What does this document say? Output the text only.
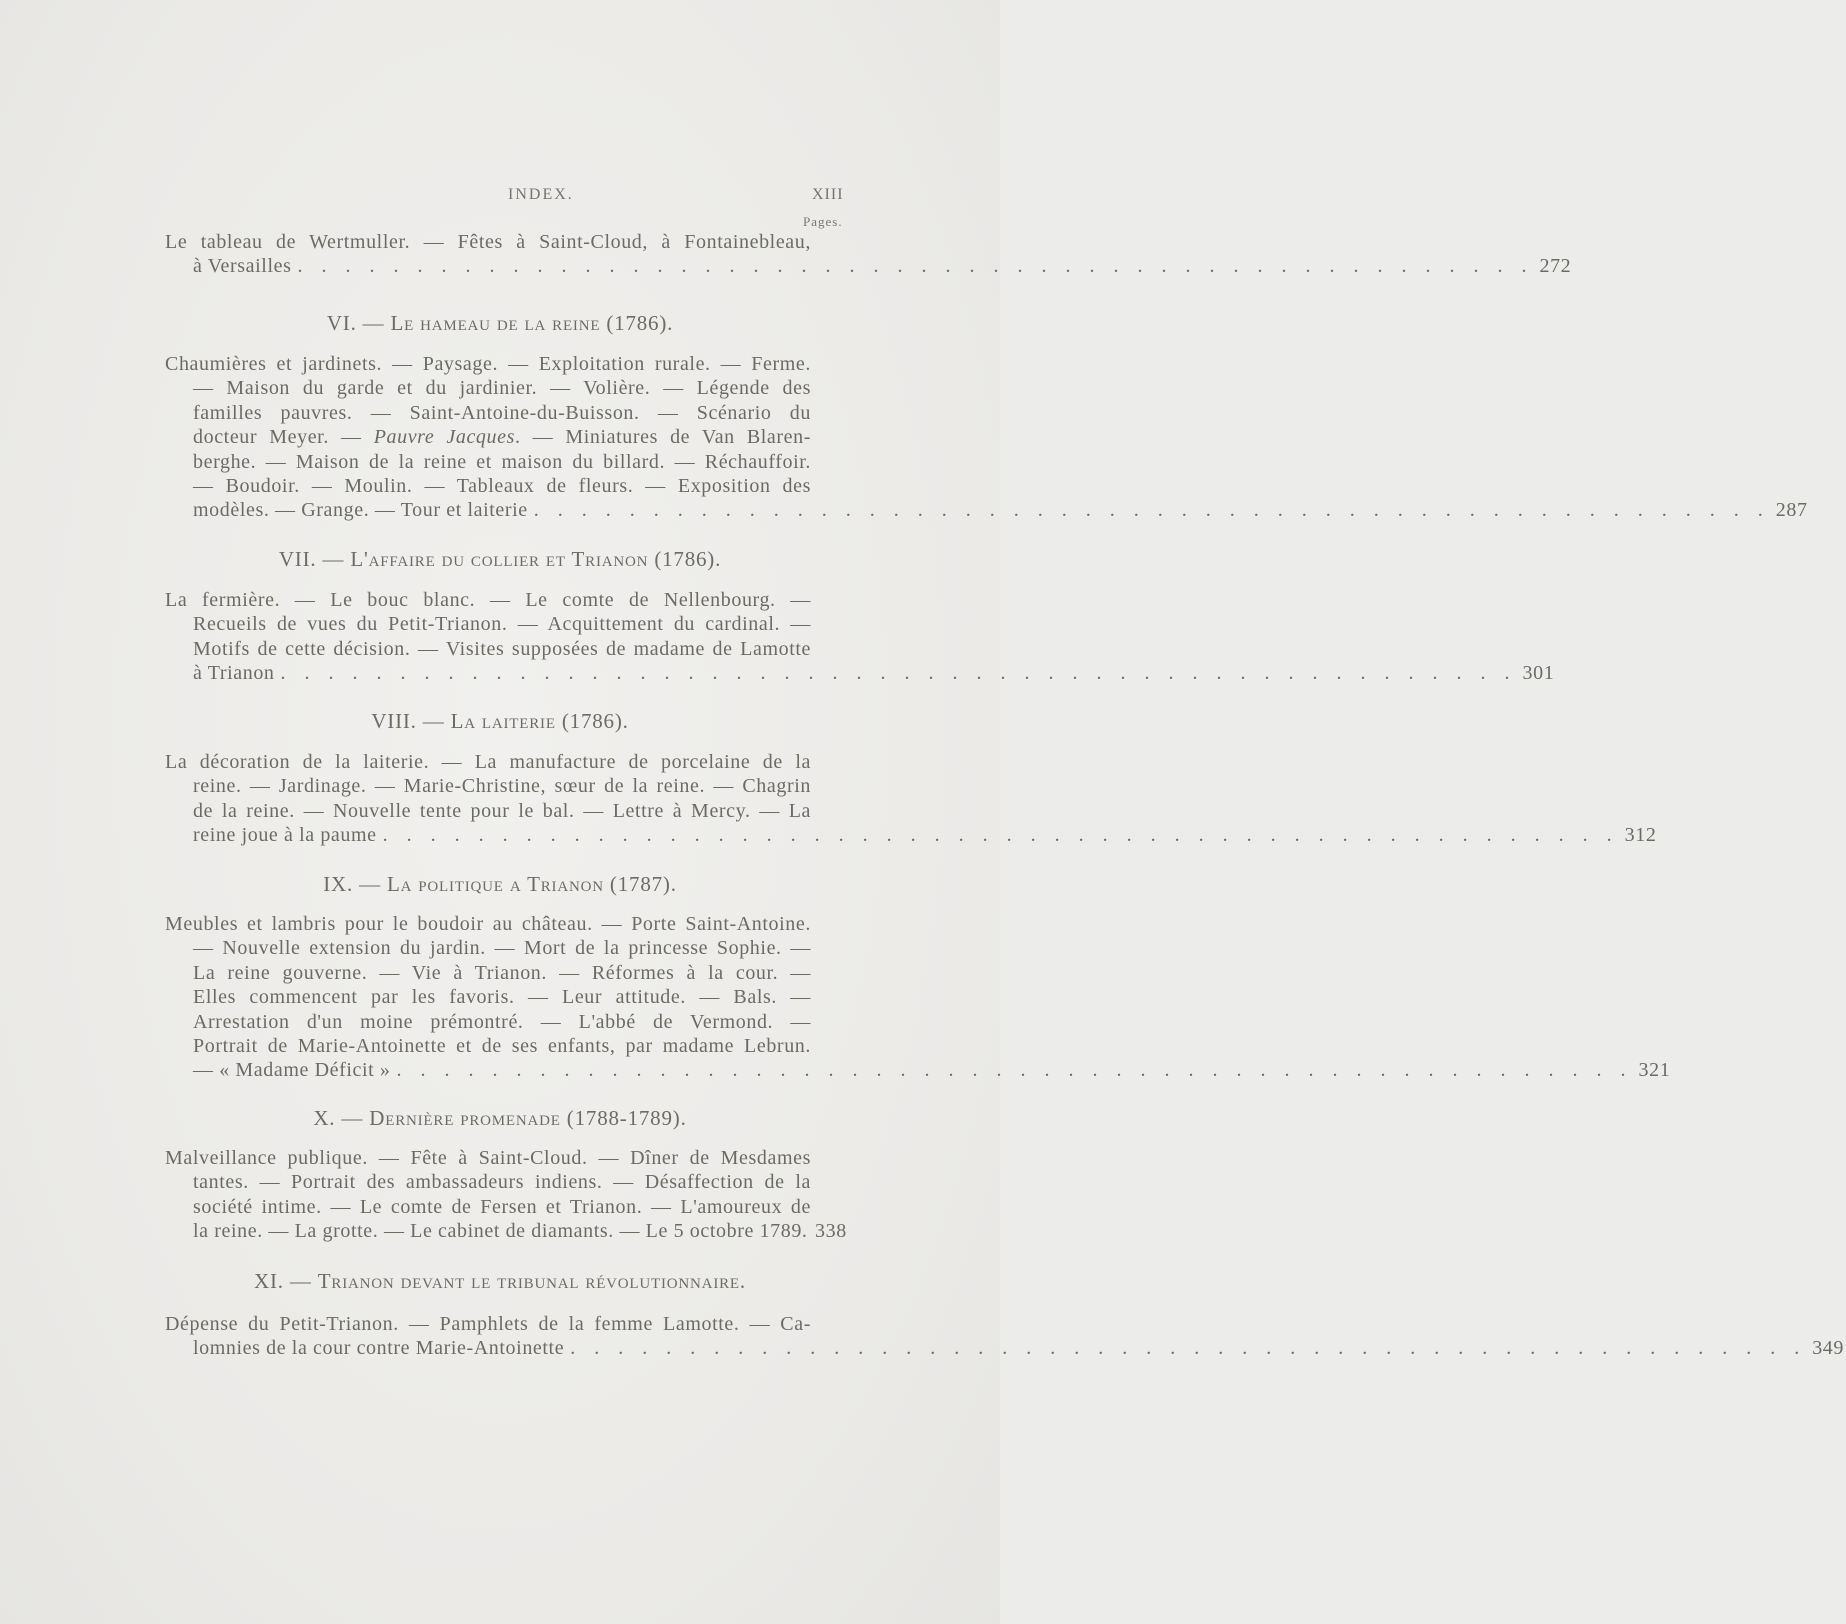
INDEX.	XIII
Pages.
Le tableau de Wertmuller. — Fêtes à Saint-Cloud, à Fontainebleau,
à Versailles . . . . . . . . . . . . . . . . . . . . . . . . . . . . . . . . . . . . . . . . . . . . . . . . . . . . 272
VI. — Le hameau de la reine (1786).
Chaumières et jardinets. — Paysage. — Exploitation rurale. — Ferme.
— Maison du garde et du jardinier. — Volière. — Légende des
familles pauvres. — Saint-Antoine-du-Buisson. — Scénario du
docteur Meyer. — Pauvre Jacques. — Miniatures de Van Blaren-
berghe. — Maison de la reine et maison du billard. — Réchauffoir.
— Boudoir. — Moulin. — Tableaux de fleurs. — Exposition des
modèles. — Grange. — Tour et laiterie . . . . . . . . . . . . . . . . . . . . . . . . . . . . . . . . . . . . . . . . . . . . . . . . . . . . 287
VII. — L'affaire du collier et Trianon (1786).
La fermière. — Le bouc blanc. — Le comte de Nellenbourg. —
Recueils de vues du Petit-Trianon. — Acquittement du cardinal. —
Motifs de cette décision. — Visites supposées de madame de Lamotte
à Trianon . . . . . . . . . . . . . . . . . . . . . . . . . . . . . . . . . . . . . . . . . . . . . . . . . . . . 301
VIII. — La laiterie (1786).
La décoration de la laiterie. — La manufacture de porcelaine de la
reine. — Jardinage. — Marie-Christine, sœur de la reine. — Chagrin
de la reine. — Nouvelle tente pour le bal. — Lettre à Mercy. — La
reine joue à la paume . . . . . . . . . . . . . . . . . . . . . . . . . . . . . . . . . . . . . . . . . . . . . . . . . . . . 312
IX. — La politique a Trianon (1787).
Meubles et lambris pour le boudoir au château. — Porte Saint-Antoine.
— Nouvelle extension du jardin. — Mort de la princesse Sophie. —
La reine gouverne. — Vie à Trianon. — Réformes à la cour. —
Elles commencent par les favoris. — Leur attitude. — Bals. —
Arrestation d'un moine prémontré. — L'abbé de Vermond. —
Portrait de Marie-Antoinette et de ses enfants, par madame Lebrun.
— « Madame Déficit » . . . . . . . . . . . . . . . . . . . . . . . . . . . . . . . . . . . . . . . . . . . . . . . . . . . . 321
X. — Dernière promenade (1788-1789).
Malveillance publique. — Fête à Saint-Cloud. — Dîner de Mesdames
tantes. — Portrait des ambassadeurs indiens. — Désaffection de la
société intime. — Le comte de Fersen et Trianon. — L'amoureux de
la reine. — La grotte. — Le cabinet de diamants. — Le 5 octobre 1789. 338
XI. — Trianon devant le tribunal révolutionnaire.
Dépense du Petit-Trianon. — Pamphlets de la femme Lamotte. — Ca-
lomnies de la cour contre Marie-Antoinette . . . . . . . . . . . . . . . . . . . . . . . . . . . . . . . . . . . . . . . . . . . . . . . . . . . . 349
